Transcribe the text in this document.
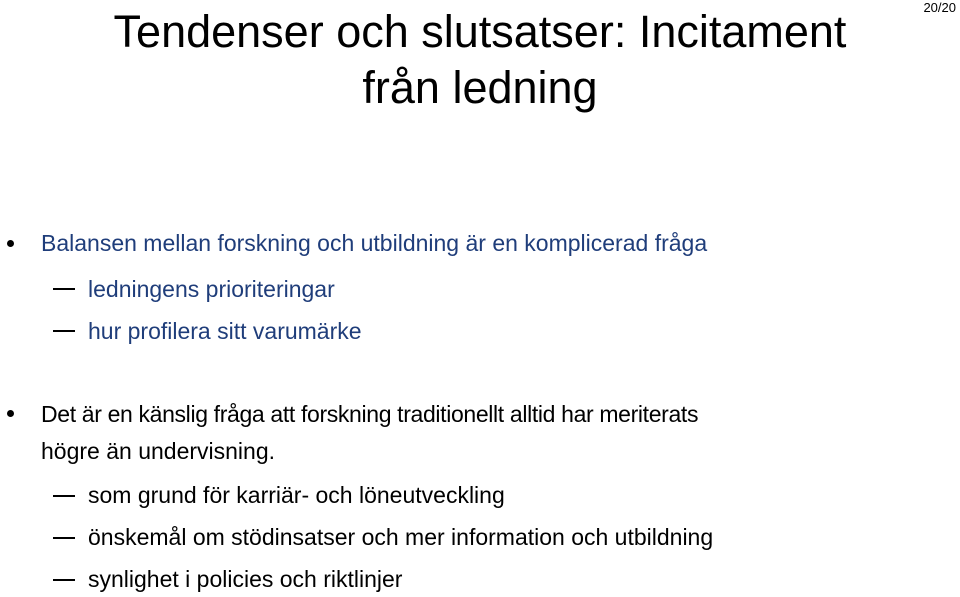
20/20
Tendenser och slutsatser: Incitament
från ledning
Balansen mellan forskning och utbildning är en komplicerad fråga
ledningens prioriteringar
hur profilera sitt varumärke
Det är en känslig fråga att forskning traditionellt alltid har meriterats
högre än undervisning.
som grund för karriär- och löneutveckling
önskemål om stödinsatser och mer information och utbildning
synlighet i policies och riktlinjer
